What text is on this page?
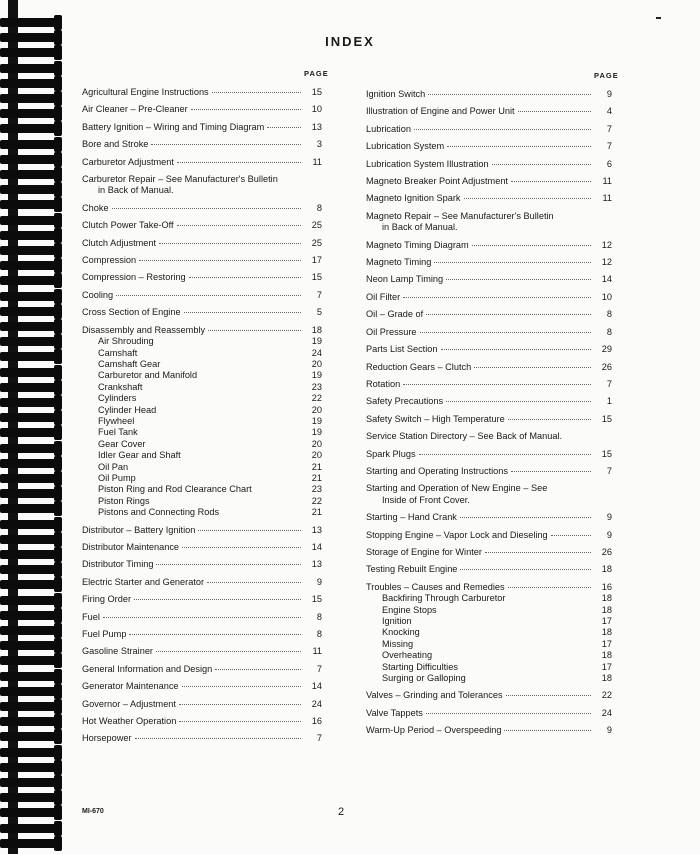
INDEX
PAGE	PAGE
Agricultural Engine Instructions	15
Air Cleaner – Pre-Cleaner	10
Battery Ignition – Wiring and Timing Diagram	13
Bore and Stroke	3
Carburetor Adjustment	11
Carburetor Repair – See Manufacturer's Bulletin
in Back of Manual.
Choke	8
Clutch Power Take-Off	25
Clutch Adjustment	25
Compression	17
Compression – Restoring	15
Cooling	7
Cross Section of Engine	5
Disassembly and Reassembly	18
Air Shrouding	19
Camshaft	24
Camshaft Gear	20
Carburetor and Manifold	19
Crankshaft	23
Cylinders	22
Cylinder Head	20
Flywheel	19
Fuel Tank	19
Gear Cover	20
Idler Gear and Shaft	20
Oil Pan	21
Oil Pump	21
Piston Ring and Rod Clearance Chart	23
Piston Rings	22
Pistons and Connecting Rods	21
Distributor – Battery Ignition	13
Distributor Maintenance	14
Distributor Timing	13
Electric Starter and Generator	9
Firing Order	15
Fuel	8
Fuel Pump	8
Gasoline Strainer	11
General Information and Design	7
Generator Maintenance	14
Governor – Adjustment	24
Hot Weather Operation	16
Horsepower	7
Ignition Switch	9
Illustration of Engine and Power Unit	4
Lubrication	7
Lubrication System	7
Lubrication System Illustration	6
Magneto Breaker Point Adjustment	11
Magneto Ignition Spark	11
Magneto Repair – See Manufacturer's Bulletin
in Back of Manual.
Magneto Timing Diagram	12
Magneto Timing	12
Neon Lamp Timing	14
Oil Filter	10
Oil – Grade of	8
Oil Pressure	8
Parts List Section	29
Reduction Gears – Clutch	26
Rotation	7
Safety Precautions	1
Safety Switch – High Temperature	15
Service Station Directory – See Back of Manual.
Spark Plugs	15
Starting and Operating Instructions	7
Starting and Operation of New Engine – See
Inside of Front Cover.
Starting – Hand Crank	9
Stopping Engine – Vapor Lock and Dieseling	9
Storage of Engine for Winter	26
Testing Rebuilt Engine	18
Troubles – Causes and Remedies	16
Backfiring Through Carburetor	18
Engine Stops	18
Ignition	17
Knocking	18
Missing	17
Overheating	18
Starting Difficulties	17
Surging or Galloping	18
Valves – Grinding and Tolerances	22
Valve Tappets	24
Warm-Up Period – Overspeeding	9
MI-670	2
